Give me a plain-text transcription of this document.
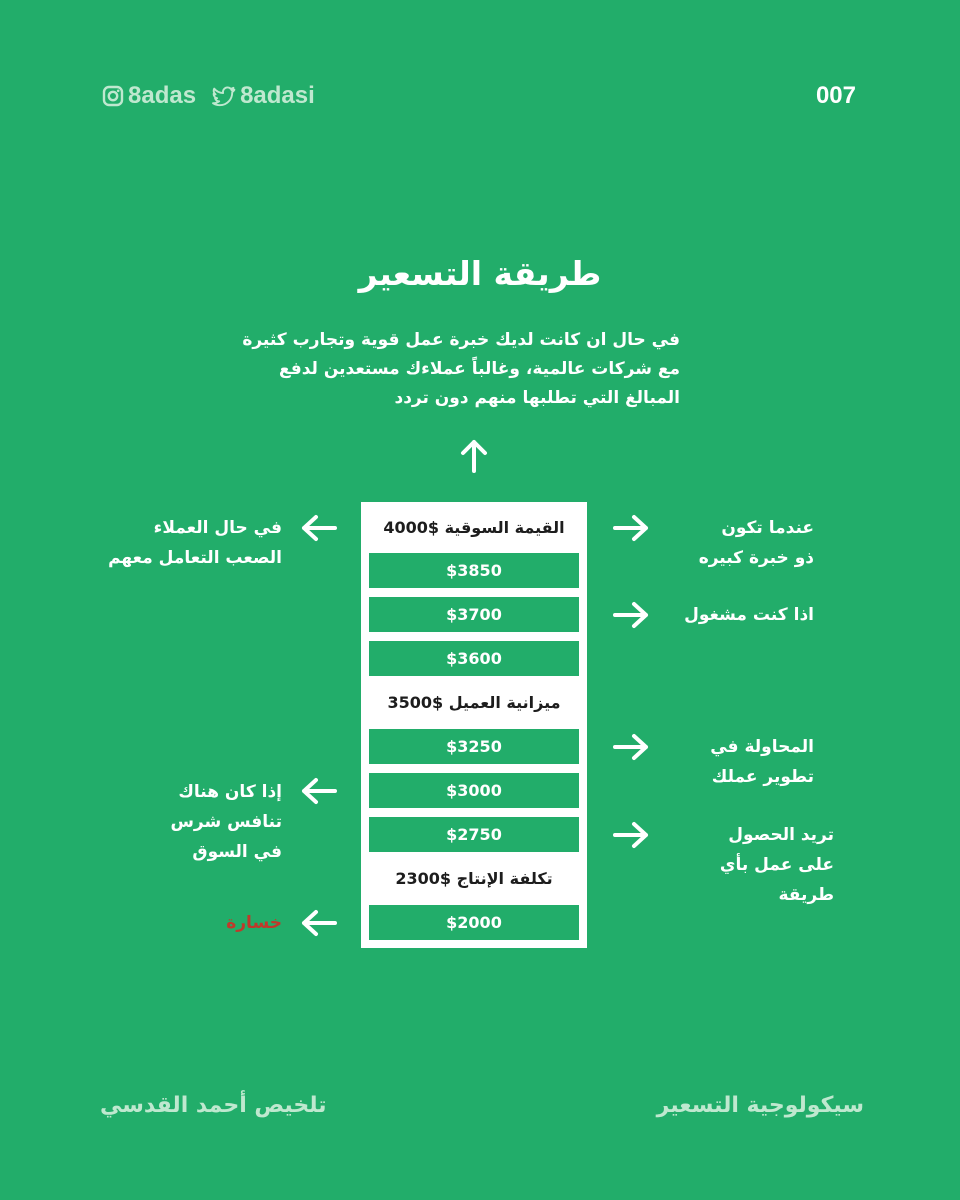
8adas 8adasi	007
طريقة التسعير
في حال ان كانت لديك خبرة عمل قوية وتجارب كثيرة
مع شركات عالمية، وغالباً عملاءك مستعدين لدفع
المبالغ التي تطلبها منهم دون تردد
القيمة السوقية $4000
$3850
$3700
$3600
ميزانية العميل $3500
$3250
$3000
$2750
تكلفة الإنتاج $2300
$2000
عندما تكون
ذو خبرة كبيره
اذا كنت مشغول
المحاولة في
تطوير عملك
تريد الحصول
على عمل بأي طريقة
في حال العملاء
الصعب التعامل معهم
إذا كان هناك
تنافس شرس
في السوق
خسارة
تلخيص أحمد القدسي	سيكولوجية التسعير
